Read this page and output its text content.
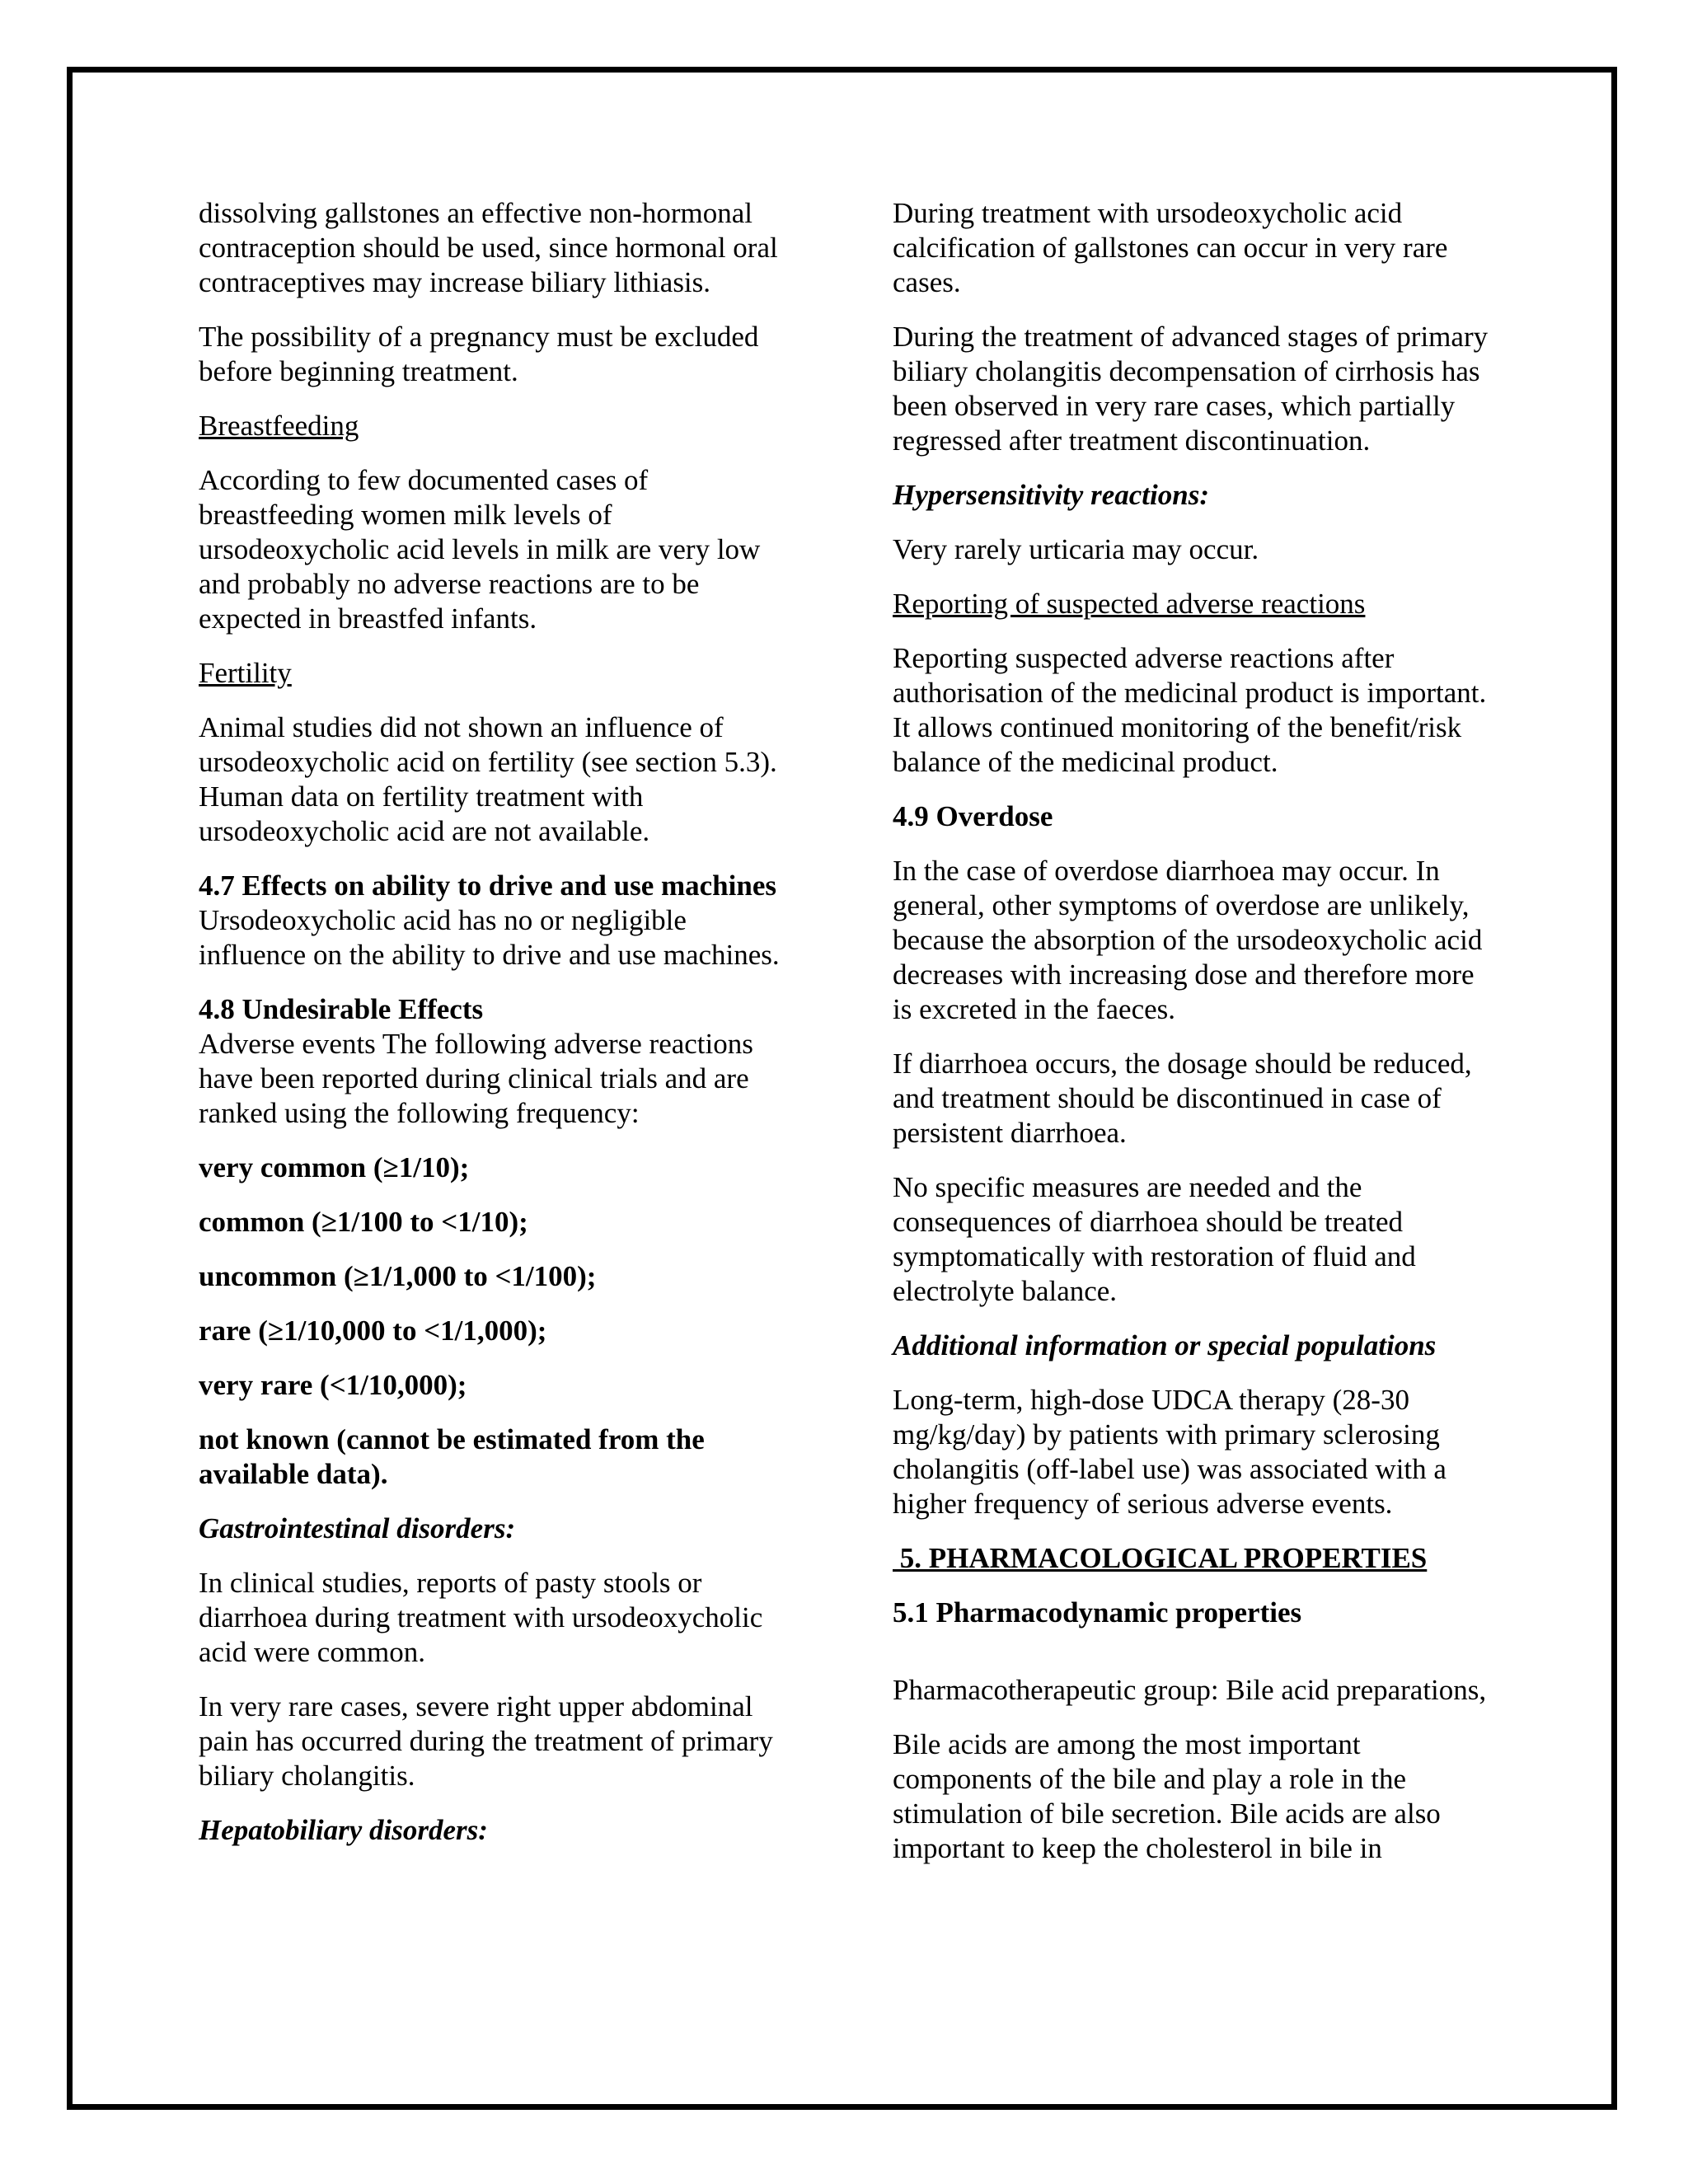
dissolving gallstones an effective non-hormonal contraception should be used, since hormonal oral contraceptives may increase biliary lithiasis.

The possibility of a pregnancy must be excluded before beginning treatment.

Breastfeeding

According to few documented cases of breastfeeding women milk levels of ursodeoxycholic acid levels in milk are very low and probably no adverse reactions are to be expected in breastfed infants.

Fertility

Animal studies did not shown an influence of ursodeoxycholic acid on fertility (see section 5.3). Human data on fertility treatment with ursodeoxycholic acid are not available.

4.7 Effects on ability to drive and use machines

Ursodeoxycholic acid has no or negligible influence on the ability to drive and use machines.

4.8 Undesirable Effects

Adverse events The following adverse reactions have been reported during clinical trials and are ranked using the following frequency:

very common (≥1/10);

common (≥1/100 to <1/10);

uncommon (≥1/1,000 to <1/100);

rare (≥1/10,000 to <1/1,000);

very rare (<1/10,000);

not known (cannot be estimated from the available data).

Gastrointestinal disorders:

In clinical studies, reports of pasty stools or diarrhoea during treatment with ursodeoxycholic acid were common.

In very rare cases, severe right upper abdominal pain has occurred during the treatment of primary biliary cholangitis.

Hepatobiliary disorders:

During treatment with ursodeoxycholic acid calcification of gallstones can occur in very rare cases.

During the treatment of advanced stages of primary biliary cholangitis decompensation of cirrhosis has been observed in very rare cases, which partially regressed after treatment discontinuation.

Hypersensitivity reactions:

Very rarely urticaria may occur.

Reporting of suspected adverse reactions

Reporting suspected adverse reactions after authorisation of the medicinal product is important. It allows continued monitoring of the benefit/risk balance of the medicinal product.

4.9 Overdose

In the case of overdose diarrhoea may occur. In general, other symptoms of overdose are unlikely, because the absorption of the ursodeoxycholic acid decreases with increasing dose and therefore more is excreted in the faeces.

If diarrhoea occurs, the dosage should be reduced, and treatment should be discontinued in case of persistent diarrhoea.

No specific measures are needed and the consequences of diarrhoea should be treated symptomatically with restoration of fluid and electrolyte balance.

Additional information or special populations

Long-term, high-dose UDCA therapy (28-30 mg/kg/day) by patients with primary sclerosing cholangitis (off-label use) was associated with a higher frequency of serious adverse events.

5. PHARMACOLOGICAL PROPERTIES

5.1 Pharmacodynamic properties

Pharmacotherapeutic group: Bile acid preparations,

Bile acids are among the most important components of the bile and play a role in the stimulation of bile secretion. Bile acids are also important to keep the cholesterol in bile in
